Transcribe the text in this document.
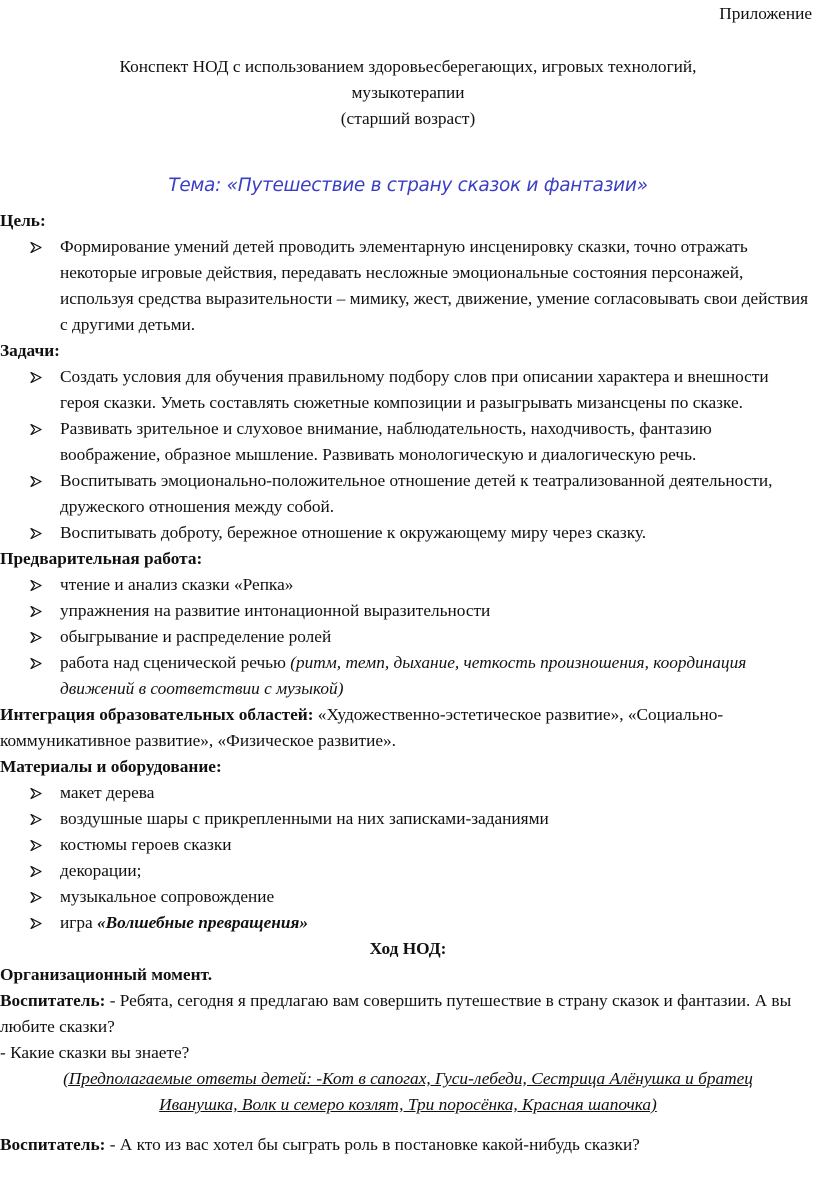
Приложение
Конспект НОД с использованием здоровьесберегающих, игровых технологий,
музыкотерапии
(старший возраст)
Тема: «Путешествие в страну сказок и фантазии»
Цель:
Формирование умений детей проводить элементарную инсценировку сказки, точно отражать некоторые игровые действия, передавать несложные эмоциональные состояния персонажей, используя средства выразительности – мимику, жест, движение, умение согласовывать свои действия с другими детьми.
Задачи:
Создать условия для обучения правильному подбору слов при описании характера и внешности героя сказки. Уметь составлять сюжетные композиции и разыгрывать мизансцены по сказке.
Развивать зрительное и слуховое внимание, наблюдательность, находчивость, фантазию воображение, образное мышление. Развивать монологическую и диалогическую речь.
Воспитывать эмоционально-положительное отношение детей к театрализованной деятельности, дружеского отношения между собой.
Воспитывать доброту, бережное отношение к окружающему миру через сказку.
Предварительная работа:
чтение и анализ сказки «Репка»
упражнения на развитие интонационной выразительности
обыгрывание и распределение ролей
работа над сценической речью (ритм, темп, дыхание, четкость произношения, координация движений в соответствии с музыкой)
Интеграция образовательных областей: «Художественно-эстетическое развитие», «Социально-коммуникативное развитие», «Физическое развитие».
Материалы и оборудование:
макет дерева
воздушные шары с прикрепленными на них записками-заданиями
костюмы героев сказки
декорации;
музыкальное сопровождение
игра «Волшебные превращения»
Ход НОД:
Организационный момент.
Воспитатель: - Ребята, сегодня я предлагаю вам совершить путешествие в страну сказок и фантазии. А вы любите сказки?
- Какие сказки вы знаете?
(Предполагаемые ответы детей: -Кот в сапогах, Гуси-лебеди, Сестрица Алёнушка и братец
Иванушка, Волк и семеро козлят, Три поросёнка, Красная шапочка)
Воспитатель: - А кто из вас хотел бы сыграть роль в постановке какой-нибудь сказки?
